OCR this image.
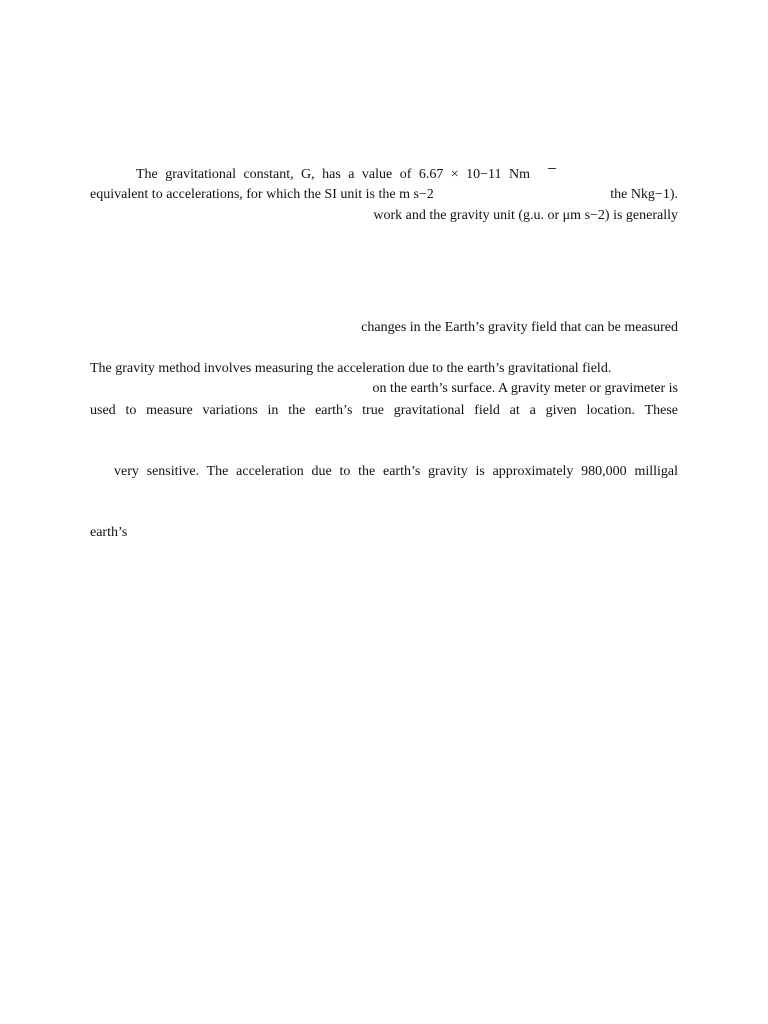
The gravitational constant, G, has a value of 6.67 × 10−11 Nm
equivalent to accelerations, for which the SI unit is the m s−2	the Nkg−1).
work and the gravity unit (g.u. or μm s−2) is generally
changes in the Earth’s gravity field that can be measured
The gravity method involves measuring the acceleration due to the earth’s gravitational field.
on the earth’s surface. A gravity meter or gravimeter is
used to measure variations in the earth’s true gravitational field at a given location. These
very sensitive. The acceleration due to the earth’s gravity is approximately 980,000 milligal
earth’s
